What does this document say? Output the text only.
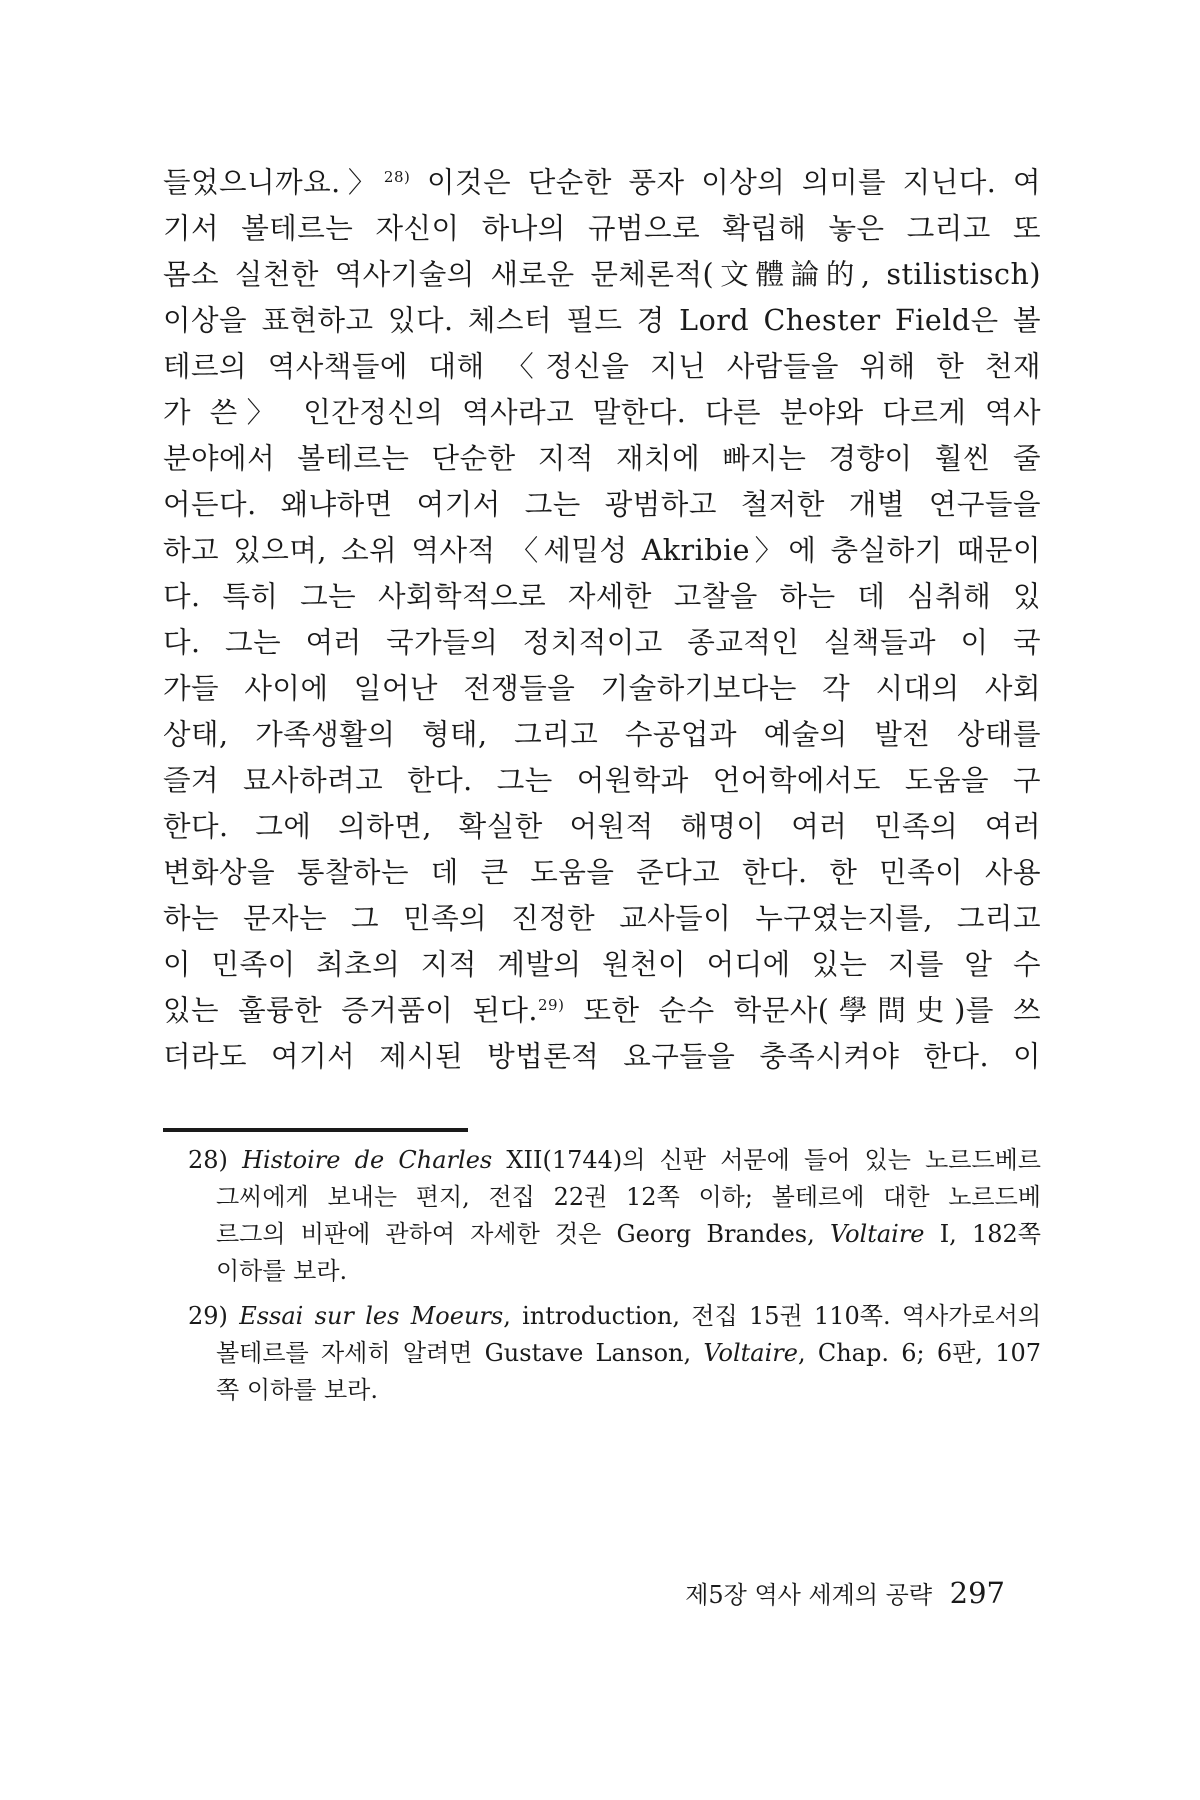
들었으니까요.〉$^{28)}$ 이것은 단순한 풍자 이상의 의미를 지닌다. 여
기서 볼테르는 자신이 하나의 규범으로 확립해 놓은 그리고 또
몸소 실천한 역사기술의 새로운 문체론적(文體論的, stilistisch)
이상을 표현하고 있다. 체스터 필드 경 Lord Chester Field은 볼
테르의 역사책들에 대해 〈정신을 지닌 사람들을 위해 한 천재
가 쓴〉 인간정신의 역사라고 말한다. 다른 분야와 다르게 역사
분야에서 볼테르는 단순한 지적 재치에 빠지는 경향이 훨씬 줄
어든다. 왜냐하면 여기서 그는 광범하고 철저한 개별 연구들을
하고 있으며, 소위 역사적 〈세밀성 Akribie〉에 충실하기 때문이
다. 특히 그는 사회학적으로 자세한 고찰을 하는 데 심취해 있
다. 그는 여러 국가들의 정치적이고 종교적인 실책들과 이 국
가들 사이에 일어난 전쟁들을 기술하기보다는 각 시대의 사회
상태, 가족생활의 형태, 그리고 수공업과 예술의 발전 상태를
즐겨 묘사하려고 한다. 그는 어원학과 언어학에서도 도움을 구
한다. 그에 의하면, 확실한 어원적 해명이 여러 민족의 여러
변화상을 통찰하는 데 큰 도움을 준다고 한다. 한 민족이 사용
하는 문자는 그 민족의 진정한 교사들이 누구였는지를, 그리고
이 민족이 최초의 지적 계발의 원천이 어디에 있는 지를 알 수
있는 훌륭한 증거품이 된다.$^{29)}$ 또한 순수 학문사(學問史)를 쓰
더라도 여기서 제시된 방법론적 요구들을 충족시켜야 한다. 이
28) Histoire de Charles XII(1744)의 신판 서문에 들어 있는 노르드베르
그씨에게 보내는 편지, 전집 22권 12쪽 이하; 볼테르에 대한 노르드베
르그의 비판에 관하여 자세한 것은 Georg Brandes, Voltaire I, 182쪽
이하를 보라.
29) Essai sur les Moeurs, introduction, 전집 15권 110쪽. 역사가로서의
볼테르를 자세히 알려면 Gustave Lanson, Voltaire, Chap. 6; 6판, 107
쪽 이하를 보라.
제5장 역사 세계의 공략 297
